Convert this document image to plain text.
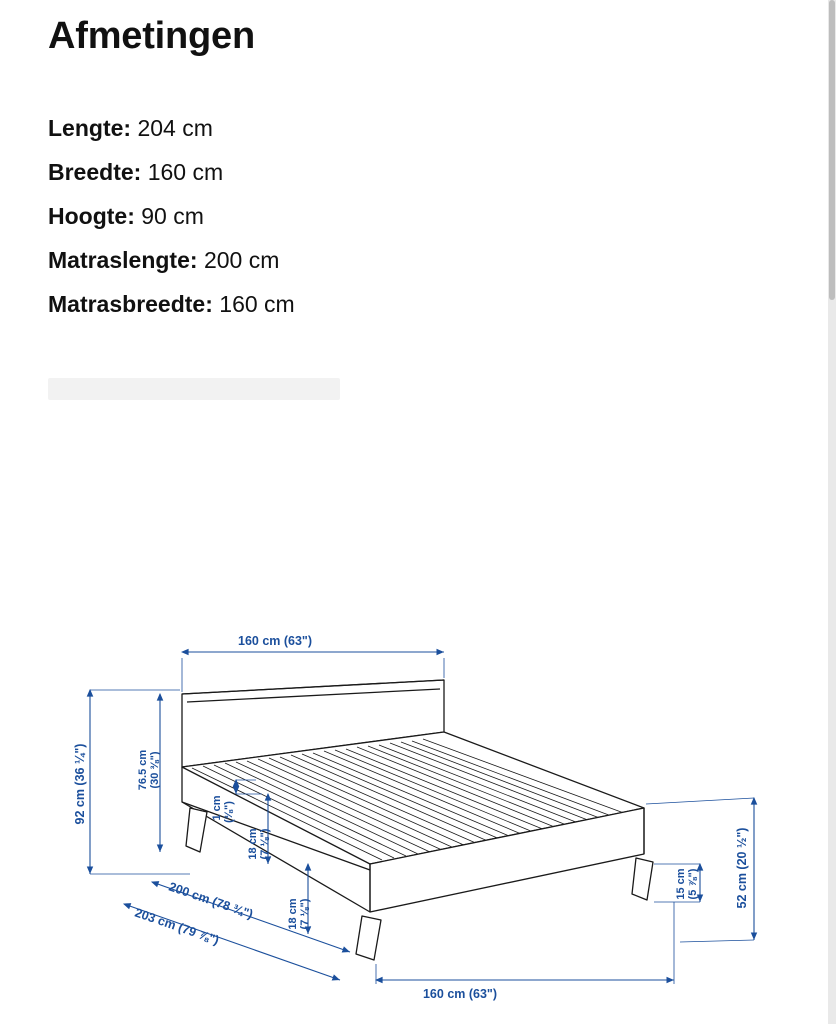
Afmetingen
Lengte: 204 cm
Breedte: 160 cm
Hoogte: 90 cm
Matraslengte: 200 cm
Matrasbreedte: 160 cm
160 cm (63")
92 cm (36 ¼")	76.5 cm (30 ⅜")
1 cm (⅜")
18 cm (7 ⅛")
18 cm (7 ⅛")
160 cm (63")
15 cm (5 ⅞")	52 cm (20 ½")
200 cm (78 ¾")
203 cm (79 ⅞")
